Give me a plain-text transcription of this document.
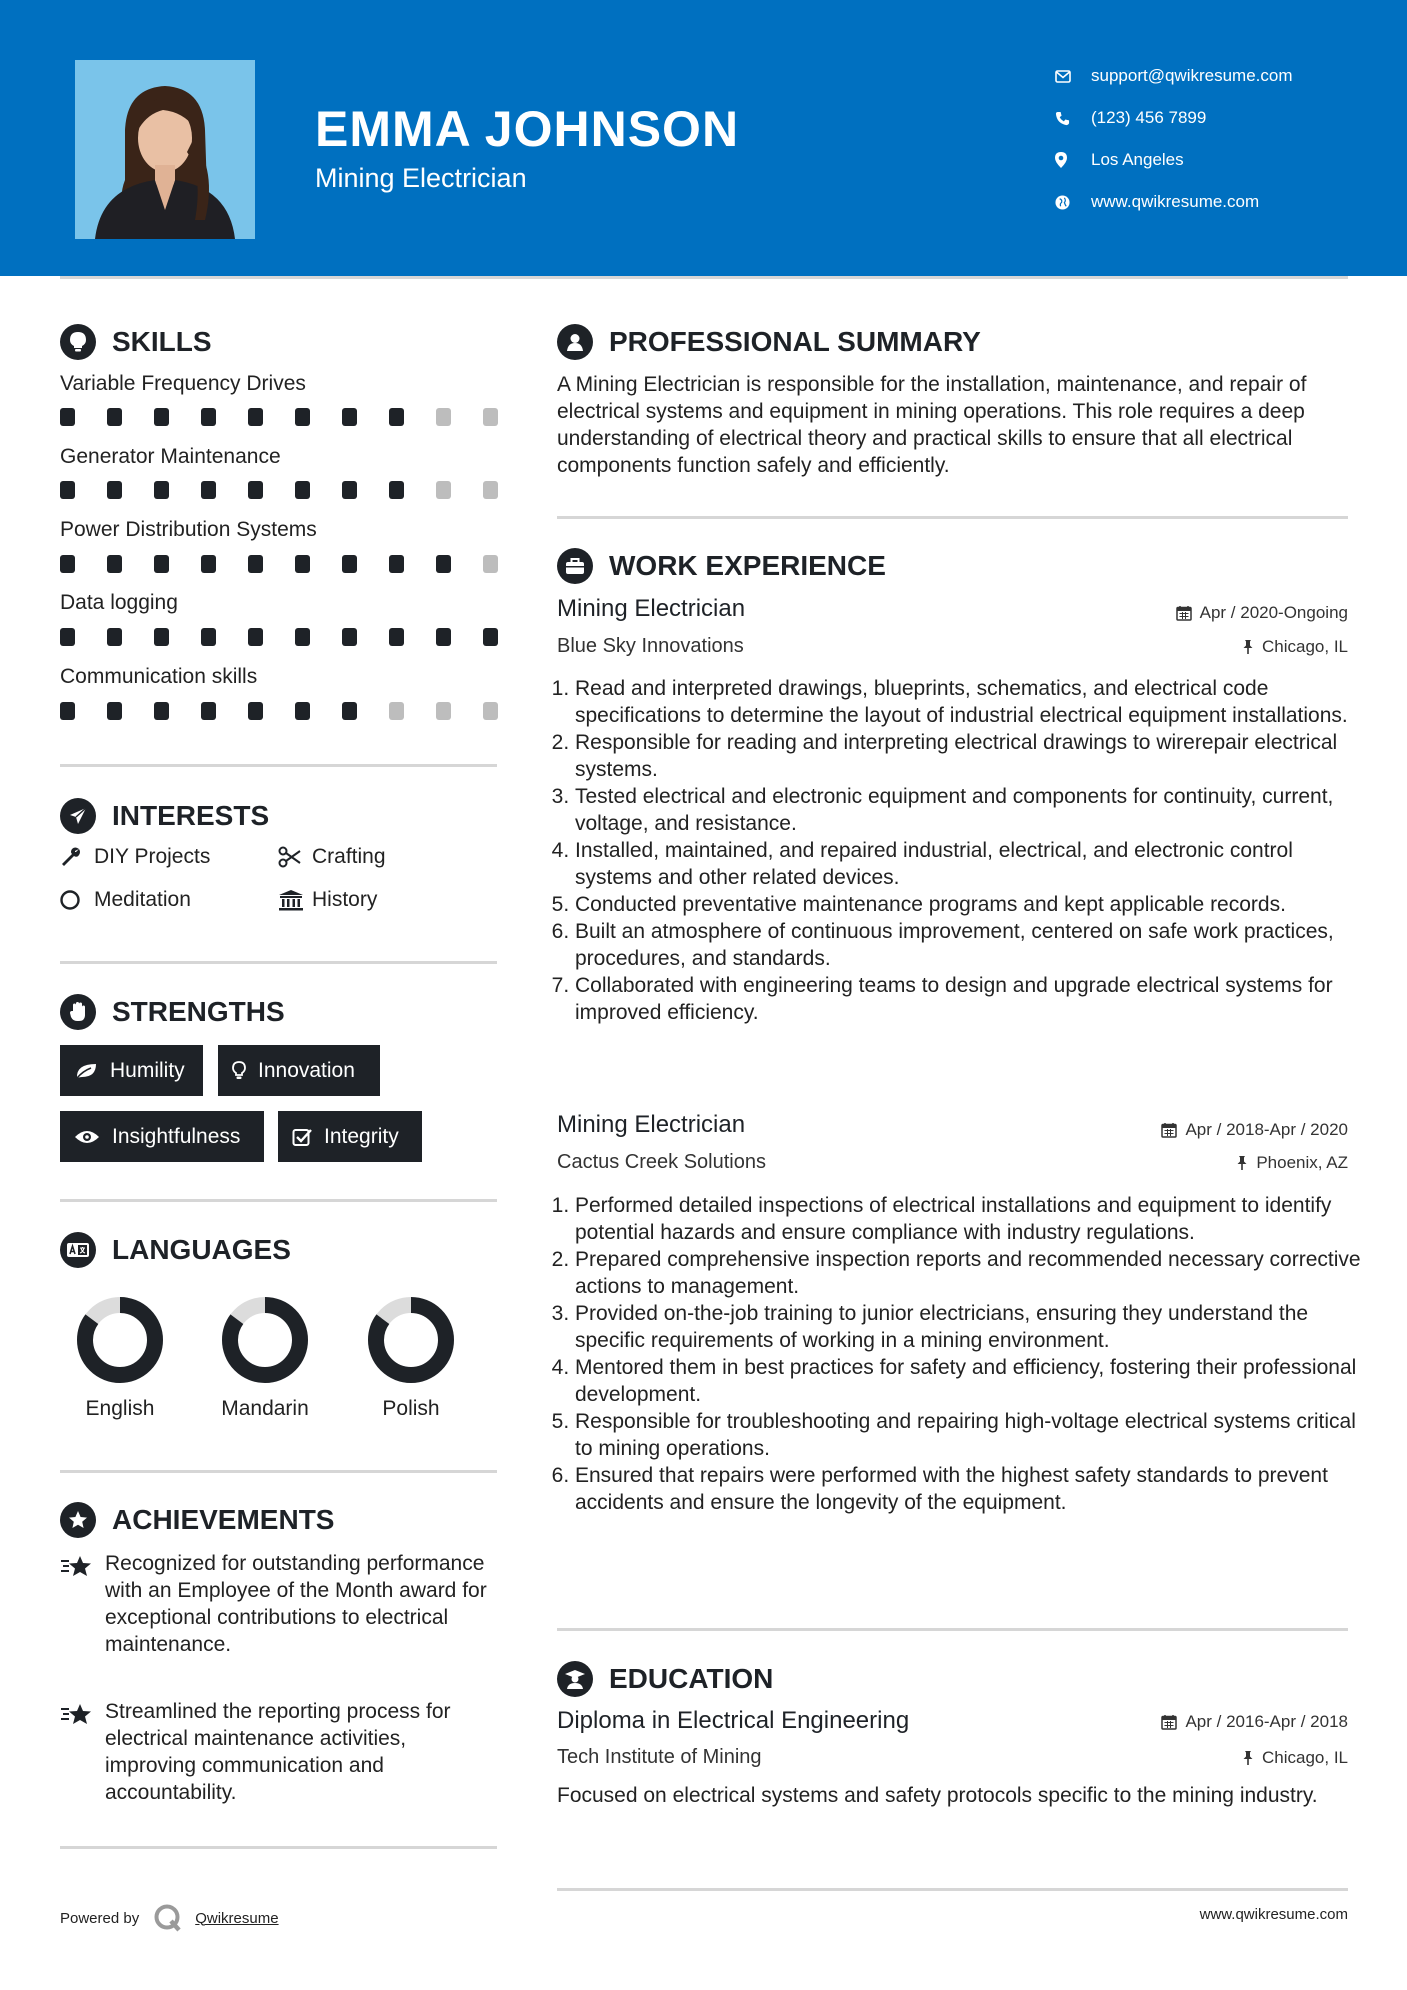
EMMA JOHNSON
Mining Electrician
support@qwikresume.com
(123) 456 7899
Los Angeles
www.qwikresume.com
SKILLS
Variable Frequency Drives
Generator Maintenance
Power Distribution Systems
Data logging
Communication skills
INTERESTS
DIY Projects	Crafting
Meditation	History
STRENGTHS
Humility	Innovation
Insightfulness	Integrity
LANGUAGES
English	Mandarin	Polish
ACHIEVEMENTS
Recognized for outstanding performance with an Employee of the Month award for exceptional contributions to electrical maintenance.
Streamlined the reporting process for electrical maintenance activities, improving communication and accountability.
PROFESSIONAL SUMMARY
A Mining Electrician is responsible for the installation, maintenance, and repair of electrical systems and equipment in mining operations. This role requires a deep understanding of electrical theory and practical skills to ensure that all electrical components function safely and efficiently.
WORK EXPERIENCE
Mining Electrician	Apr / 2020-Ongoing
Blue Sky Innovations	Chicago, IL
1. Read and interpreted drawings, blueprints, schematics, and electrical code specifications to determine the layout of industrial electrical equipment installations.
2. Responsible for reading and interpreting electrical drawings to wirerepair electrical systems.
3. Tested electrical and electronic equipment and components for continuity, current, voltage, and resistance.
4. Installed, maintained, and repaired industrial, electrical, and electronic control systems and other related devices.
5. Conducted preventative maintenance programs and kept applicable records.
6. Built an atmosphere of continuous improvement, centered on safe work practices, procedures, and standards.
7. Collaborated with engineering teams to design and upgrade electrical systems for improved efficiency.
Mining Electrician	Apr / 2018-Apr / 2020
Cactus Creek Solutions	Phoenix, AZ
1. Performed detailed inspections of electrical installations and equipment to identify potential hazards and ensure compliance with industry regulations.
2. Prepared comprehensive inspection reports and recommended necessary corrective actions to management.
3. Provided on-the-job training to junior electricians, ensuring they understand the specific requirements of working in a mining environment.
4. Mentored them in best practices for safety and efficiency, fostering their professional development.
5. Responsible for troubleshooting and repairing high-voltage electrical systems critical to mining operations.
6. Ensured that repairs were performed with the highest safety standards to prevent accidents and ensure the longevity of the equipment.
EDUCATION
Diploma in Electrical Engineering	Apr / 2016-Apr / 2018
Tech Institute of Mining	Chicago, IL
Focused on electrical systems and safety protocols specific to the mining industry.
Powered by	Qwikresume	www.qwikresume.com
